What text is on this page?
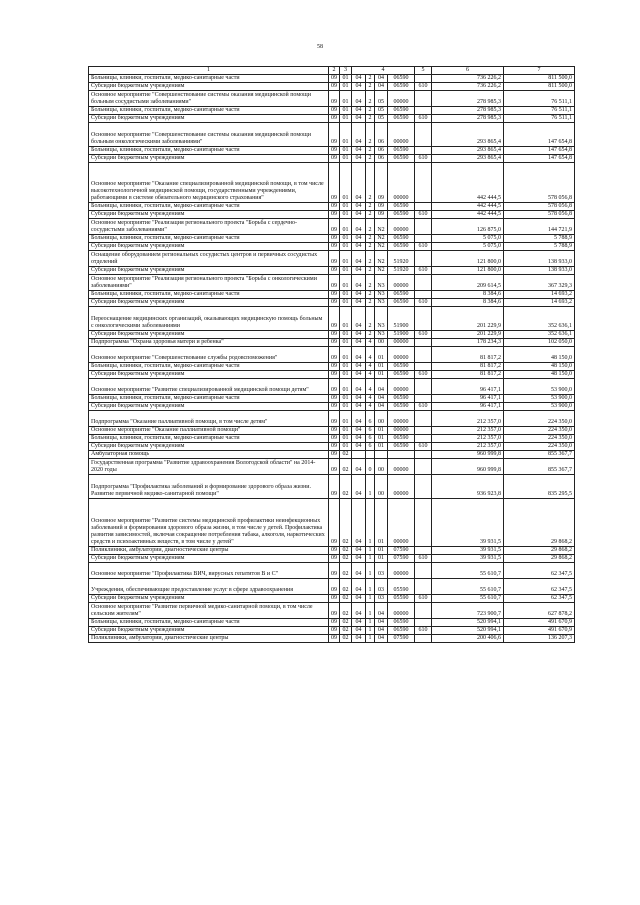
58
1	2	3	4				5	6	7
Больницы, клиники, госпитали, медико-санитарные части	09	01	04	2	04	06590		736 226,2	811 500,0
Субсидии бюджетным учреждениям	09	01	04	2	04	06590	610	736 226,2	811 500,0
Основное мероприятие "Совершенствование системы оказания медицинской помощи больным сосудистыми заболеваниями"	09	01	04	2	05	00000		278 985,3	76 511,1
Больницы, клиники, госпитали, медико-санитарные части	09	01	04	2	05	06590		278 985,3	76 511,1
Субсидии бюджетным учреждениям	09	01	04	2	05	06590	610	278 985,3	76 511,1
Основное мероприятие "Совершенствование системы оказания медицинской помощи больным онкологическими заболеваниями"	09	01	04	2	06	00000		293 865,4	147 654,8
Больницы, клиники, госпитали, медико-санитарные части	09	01	04	2	06	06590		293 865,4	147 654,8
Субсидии бюджетным учреждениям	09	01	04	2	06	06590	610	293 865,4	147 654,8
Основное мероприятие "Оказание специализированной медицинской помощи, в том числе высокотехнологичной медицинской помощи, государственными учреждениями, работающими в системе обязательного медицинского страхования"	09	01	04	2	09	00000		442 444,5	578 056,8
Больницы, клиники, госпитали, медико-санитарные части	09	01	04	2	09	06590		442 444,5	578 056,8
Субсидии бюджетным учреждениям	09	01	04	2	09	06590	610	442 444,5	578 056,8
Основное мероприятие "Реализация регионального проекта "Борьба с сердечно-сосудистыми заболеваниями"	09	01	04	2	N2	00000		126 875,0	144 721,9
Больницы, клиники, госпитали, медико-санитарные части	09	01	04	2	N2	06590		5 075,0	5 788,9
Субсидии бюджетным учреждениям	09	01	04	2	N2	06590	610	5 075,0	5 788,9
Оснащение оборудованием региональных сосудистых центров и первичных сосудистых отделений	09	01	04	2	N2	51920		121 800,0	138 933,0
Субсидии бюджетным учреждениям	09	01	04	2	N2	51920	610	121 800,0	138 933,0
Основное мероприятие "Реализация регионального проекта "Борьба с онкологическими заболеваниями"	09	01	04	2	N3	00000		209 614,5	367 329,3
Больницы, клиники, госпитали, медико-санитарные части	09	01	04	2	N3	06590		8 384,6	14 693,2
Субсидии бюджетным учреждениям	09	01	04	2	N3	06590	610	8 384,6	14 693,2
Переоснащение медицинских организаций, оказывающих медицинскую помощь больным с онкологическими заболеваниями	09	01	04	2	N3	51900		201 229,9	352 636,1
Субсидии бюджетным учреждениям	09	01	04	2	N3	51900	610	201 229,9	352 636,1
Подпрограмма "Охрана здоровья матери и ребенка"	09	01	04	4	00	00000		178 234,3	102 050,0
Основное мероприятие "Совершенствование службы родовспоможения"	09	01	04	4	01	00000		81 817,2	48 150,0
Больницы, клиники, госпитали, медико-санитарные части	09	01	04	4	01	06590		81 817,2	48 150,0
Субсидии бюджетным учреждениям	09	01	04	4	01	06590	610	81 817,2	48 150,0
Основное мероприятие "Развитие специализированной медицинской помощи детям"	09	01	04	4	04	00000		96 417,1	53 900,0
Больницы, клиники, госпитали, медико-санитарные части	09	01	04	4	04	06590		96 417,1	53 900,0
Субсидии бюджетным учреждениям	09	01	04	4	04	06590	610	96 417,1	53 900,0
Подпрограмма "Оказание паллиативной помощи, в том числе детям"	09	01	04	6	00	00000		212 357,0	224 350,0
Основное мероприятие "Оказание паллиативной помощи"	09	01	04	6	01	00000		212 357,0	224 350,0
Больницы, клиники, госпитали, медико-санитарные части	09	01	04	6	01	06590		212 357,0	224 350,0
Субсидии бюджетным учреждениям	09	01	04	6	01	06590	610	212 357,0	224 350,0
Амбулаторная помощь	09	02						960 999,8	855 367,7
Государственная программа "Развитие здравоохранения Вологодской области" на 2014-2020 годы	09	02	04	0	00	00000		960 999,8	855 367,7
Подпрограмма "Профилактика заболеваний и формирование здорового образа жизни. Развитие первичной медико-санитарной помощи"	09	02	04	1	00	00000		936 923,8	835 295,5
Основное мероприятие "Развитие системы медицинской профилактики неинфекционных заболеваний и формирования здорового образа жизни, в том числе у детей. Профилактика развития зависимостей, включая сокращение потребления табака, алкоголя, наркотических средств и психоактивных веществ, в том числе у детей"	09	02	04	1	01	00000		39 931,5	29 868,2
Поликлиники, амбулатории, диагностические центры	09	02	04	1	01	07590		39 931,5	29 868,2
Субсидии бюджетным учреждениям	09	02	04	1	01	07590	610	39 931,5	29 868,2
Основное мероприятие "Профилактика ВИЧ, вирусных гепатитов В и С"	09	02	04	1	03	00000		55 610,7	62 347,5
Учреждения, обеспечивающие предоставление услуг в сфере здравоохранения	09	02	04	1	03	05590		55 610,7	62 347,5
Субсидии бюджетным учреждениям	09	02	04	1	03	05590	610	55 610,7	62 347,5
Основное мероприятие "Развитие первичной медико-санитарной помощи, в том числе сельским жителям"	09	02	04	1	04	00000		723 900,7	627 878,2
Больницы, клиники, госпитали, медико-санитарные части	09	02	04	1	04	06590		520 994,1	491 670,9
Субсидии бюджетным учреждениям	09	02	04	1	04	06590	610	520 994,1	491 670,9
Поликлиники, амбулатории, диагностические центры	09	02	04	1	04	07590		200 406,6	136 207,3
